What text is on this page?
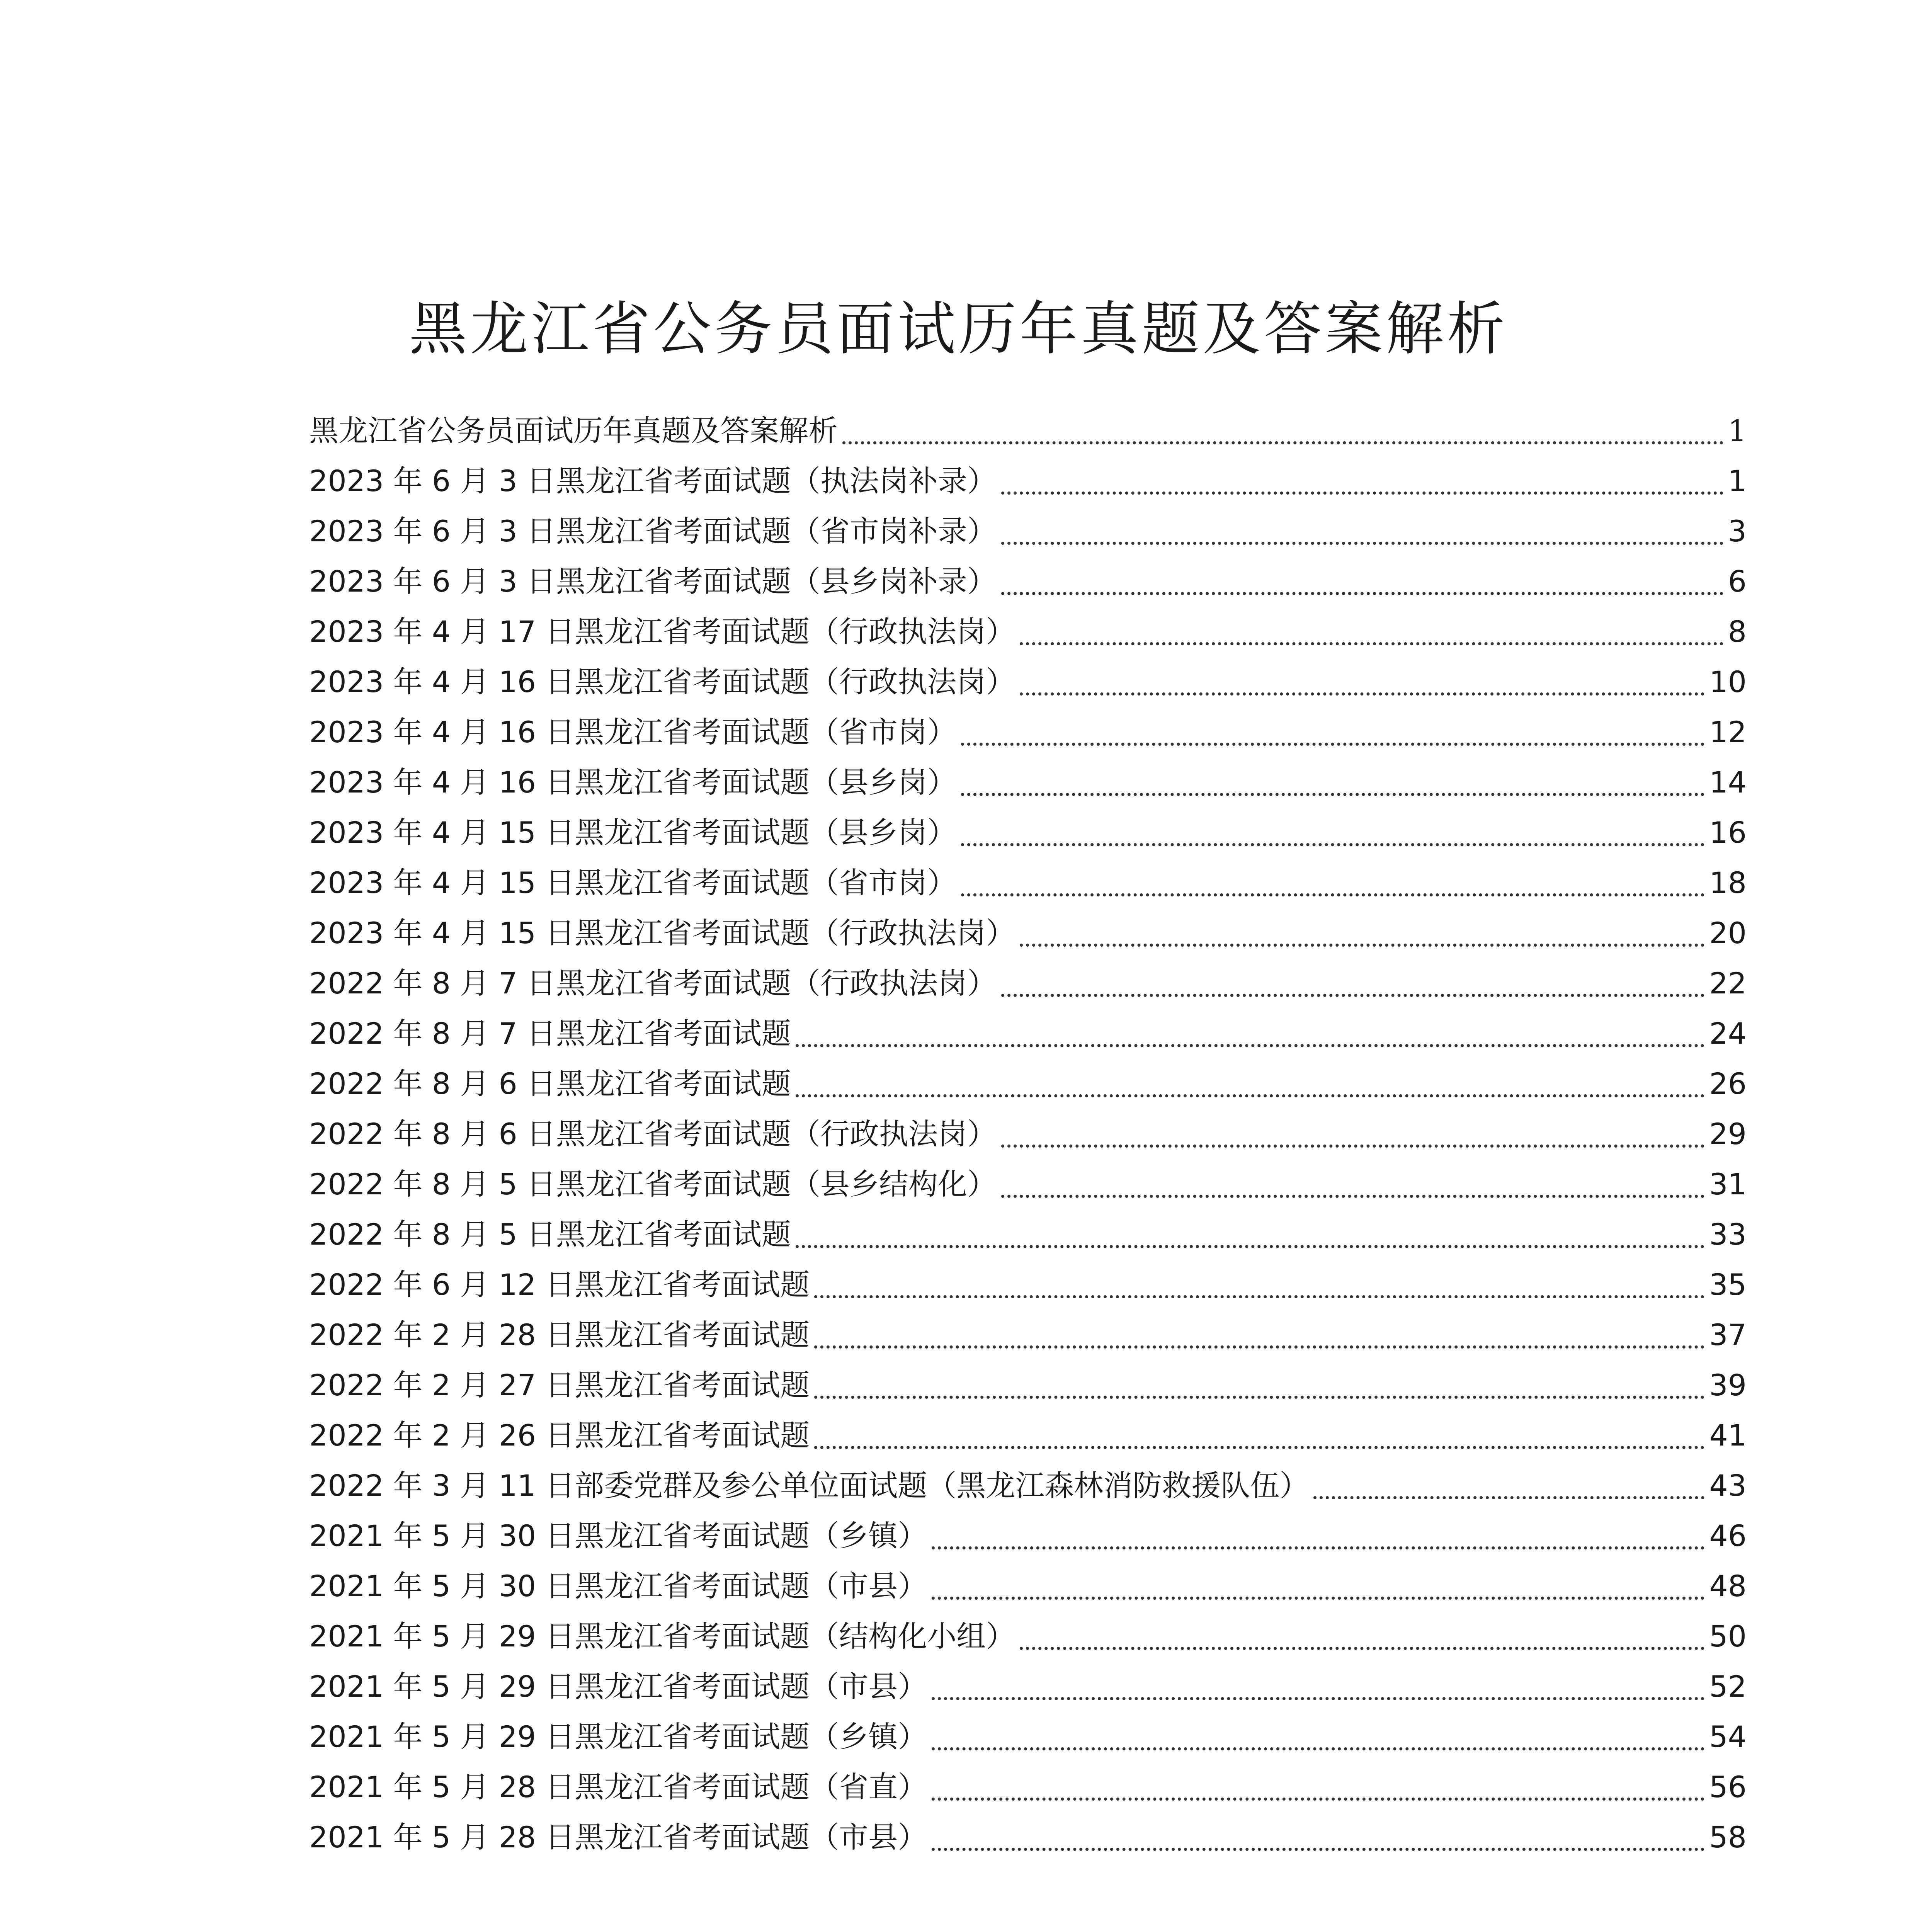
黑龙江省公务员面试历年真题及答案解析
黑龙江省公务员面试历年真题及答案解析	1
2023 年 6 月 3 日黑龙江省考面试题（执法岗补录）	1
2023 年 6 月 3 日黑龙江省考面试题（省市岗补录）	3
2023 年 6 月 3 日黑龙江省考面试题（县乡岗补录）	6
2023 年 4 月 17 日黑龙江省考面试题（行政执法岗）	8
2023 年 4 月 16 日黑龙江省考面试题（行政执法岗）	10
2023 年 4 月 16 日黑龙江省考面试题（省市岗）	12
2023 年 4 月 16 日黑龙江省考面试题（县乡岗）	14
2023 年 4 月 15 日黑龙江省考面试题（县乡岗）	16
2023 年 4 月 15 日黑龙江省考面试题（省市岗）	18
2023 年 4 月 15 日黑龙江省考面试题（行政执法岗）	20
2022 年 8 月 7 日黑龙江省考面试题（行政执法岗）	22
2022 年 8 月 7 日黑龙江省考面试题	24
2022 年 8 月 6 日黑龙江省考面试题	26
2022 年 8 月 6 日黑龙江省考面试题（行政执法岗）	29
2022 年 8 月 5 日黑龙江省考面试题（县乡结构化）	31
2022 年 8 月 5 日黑龙江省考面试题	33
2022 年 6 月 12 日黑龙江省考面试题	35
2022 年 2 月 28 日黑龙江省考面试题	37
2022 年 2 月 27 日黑龙江省考面试题	39
2022 年 2 月 26 日黑龙江省考面试题	41
2022 年 3 月 11 日部委党群及参公单位面试题（黑龙江森林消防救援队伍）	43
2021 年 5 月 30 日黑龙江省考面试题（乡镇）	46
2021 年 5 月 30 日黑龙江省考面试题（市县）	48
2021 年 5 月 29 日黑龙江省考面试题（结构化小组）	50
2021 年 5 月 29 日黑龙江省考面试题（市县）	52
2021 年 5 月 29 日黑龙江省考面试题（乡镇）	54
2021 年 5 月 28 日黑龙江省考面试题（省直）	56
2021 年 5 月 28 日黑龙江省考面试题（市县）	58
